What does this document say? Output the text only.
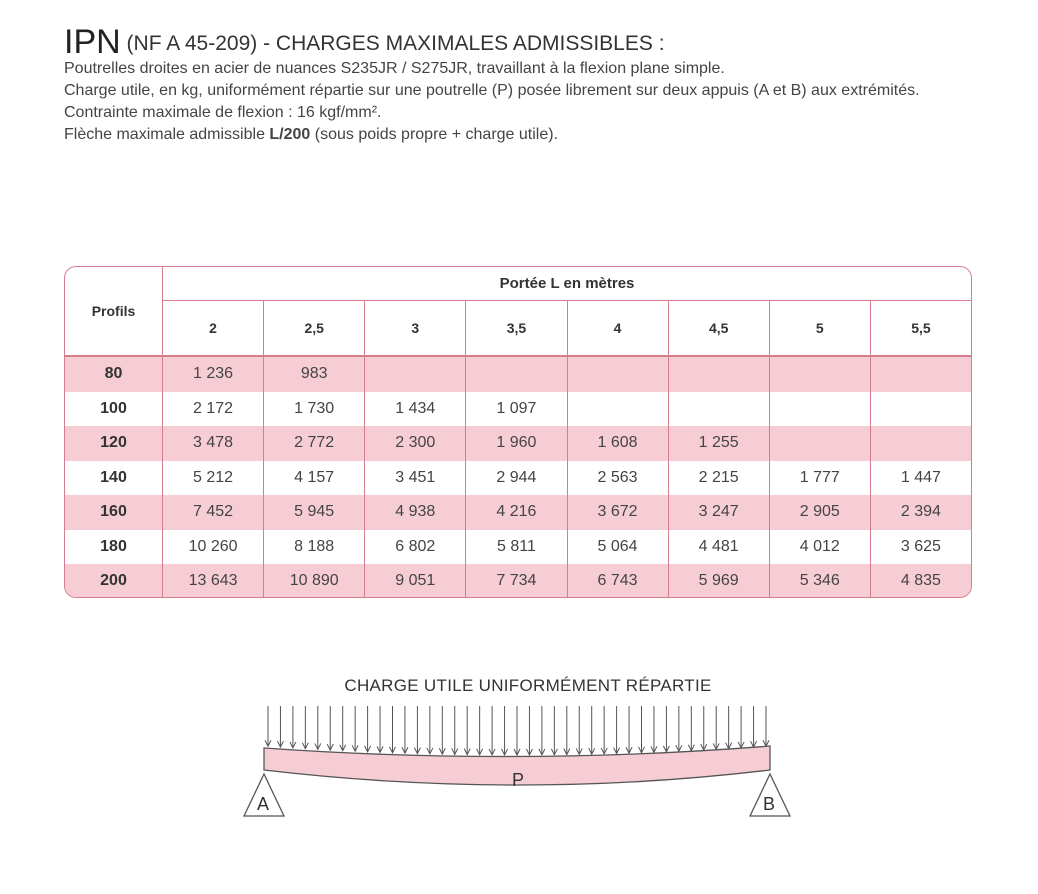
IPN (NF A 45-209) - CHARGES MAXIMALES ADMISSIBLES :
Poutrelles droites en acier de nuances S235JR / S275JR, travaillant à la flexion plane simple.
Charge utile, en kg, uniformément répartie sur une poutrelle (P) posée librement sur deux appuis (A et B) aux extrémités.
Contrainte maximale de flexion : 16 kgf/mm².
Flèche maximale admissible L/200 (sous poids propre + charge utile).
Profils
Portée L en mètres
2	2,5	3	3,5	4	4,5	5	5,5
80	1 236	983
100	2 172	1 730	1 434	1 097
120	3 478	2 772	2 300	1 960	1 608	1 255
140	5 212	4 157	3 451	2 944	2 563	2 215	1 777	1 447
160	7 452	5 945	4 938	4 216	3 672	3 247	2 905	2 394
180	10 260	8 188	6 802	5 811	5 064	4 481	4 012	3 625
200	13 643	10 890	9 051	7 734	6 743	5 969	5 346	4 835
CHARGE UTILE UNIFORMÉMENT RÉPARTIE
P
A	B
